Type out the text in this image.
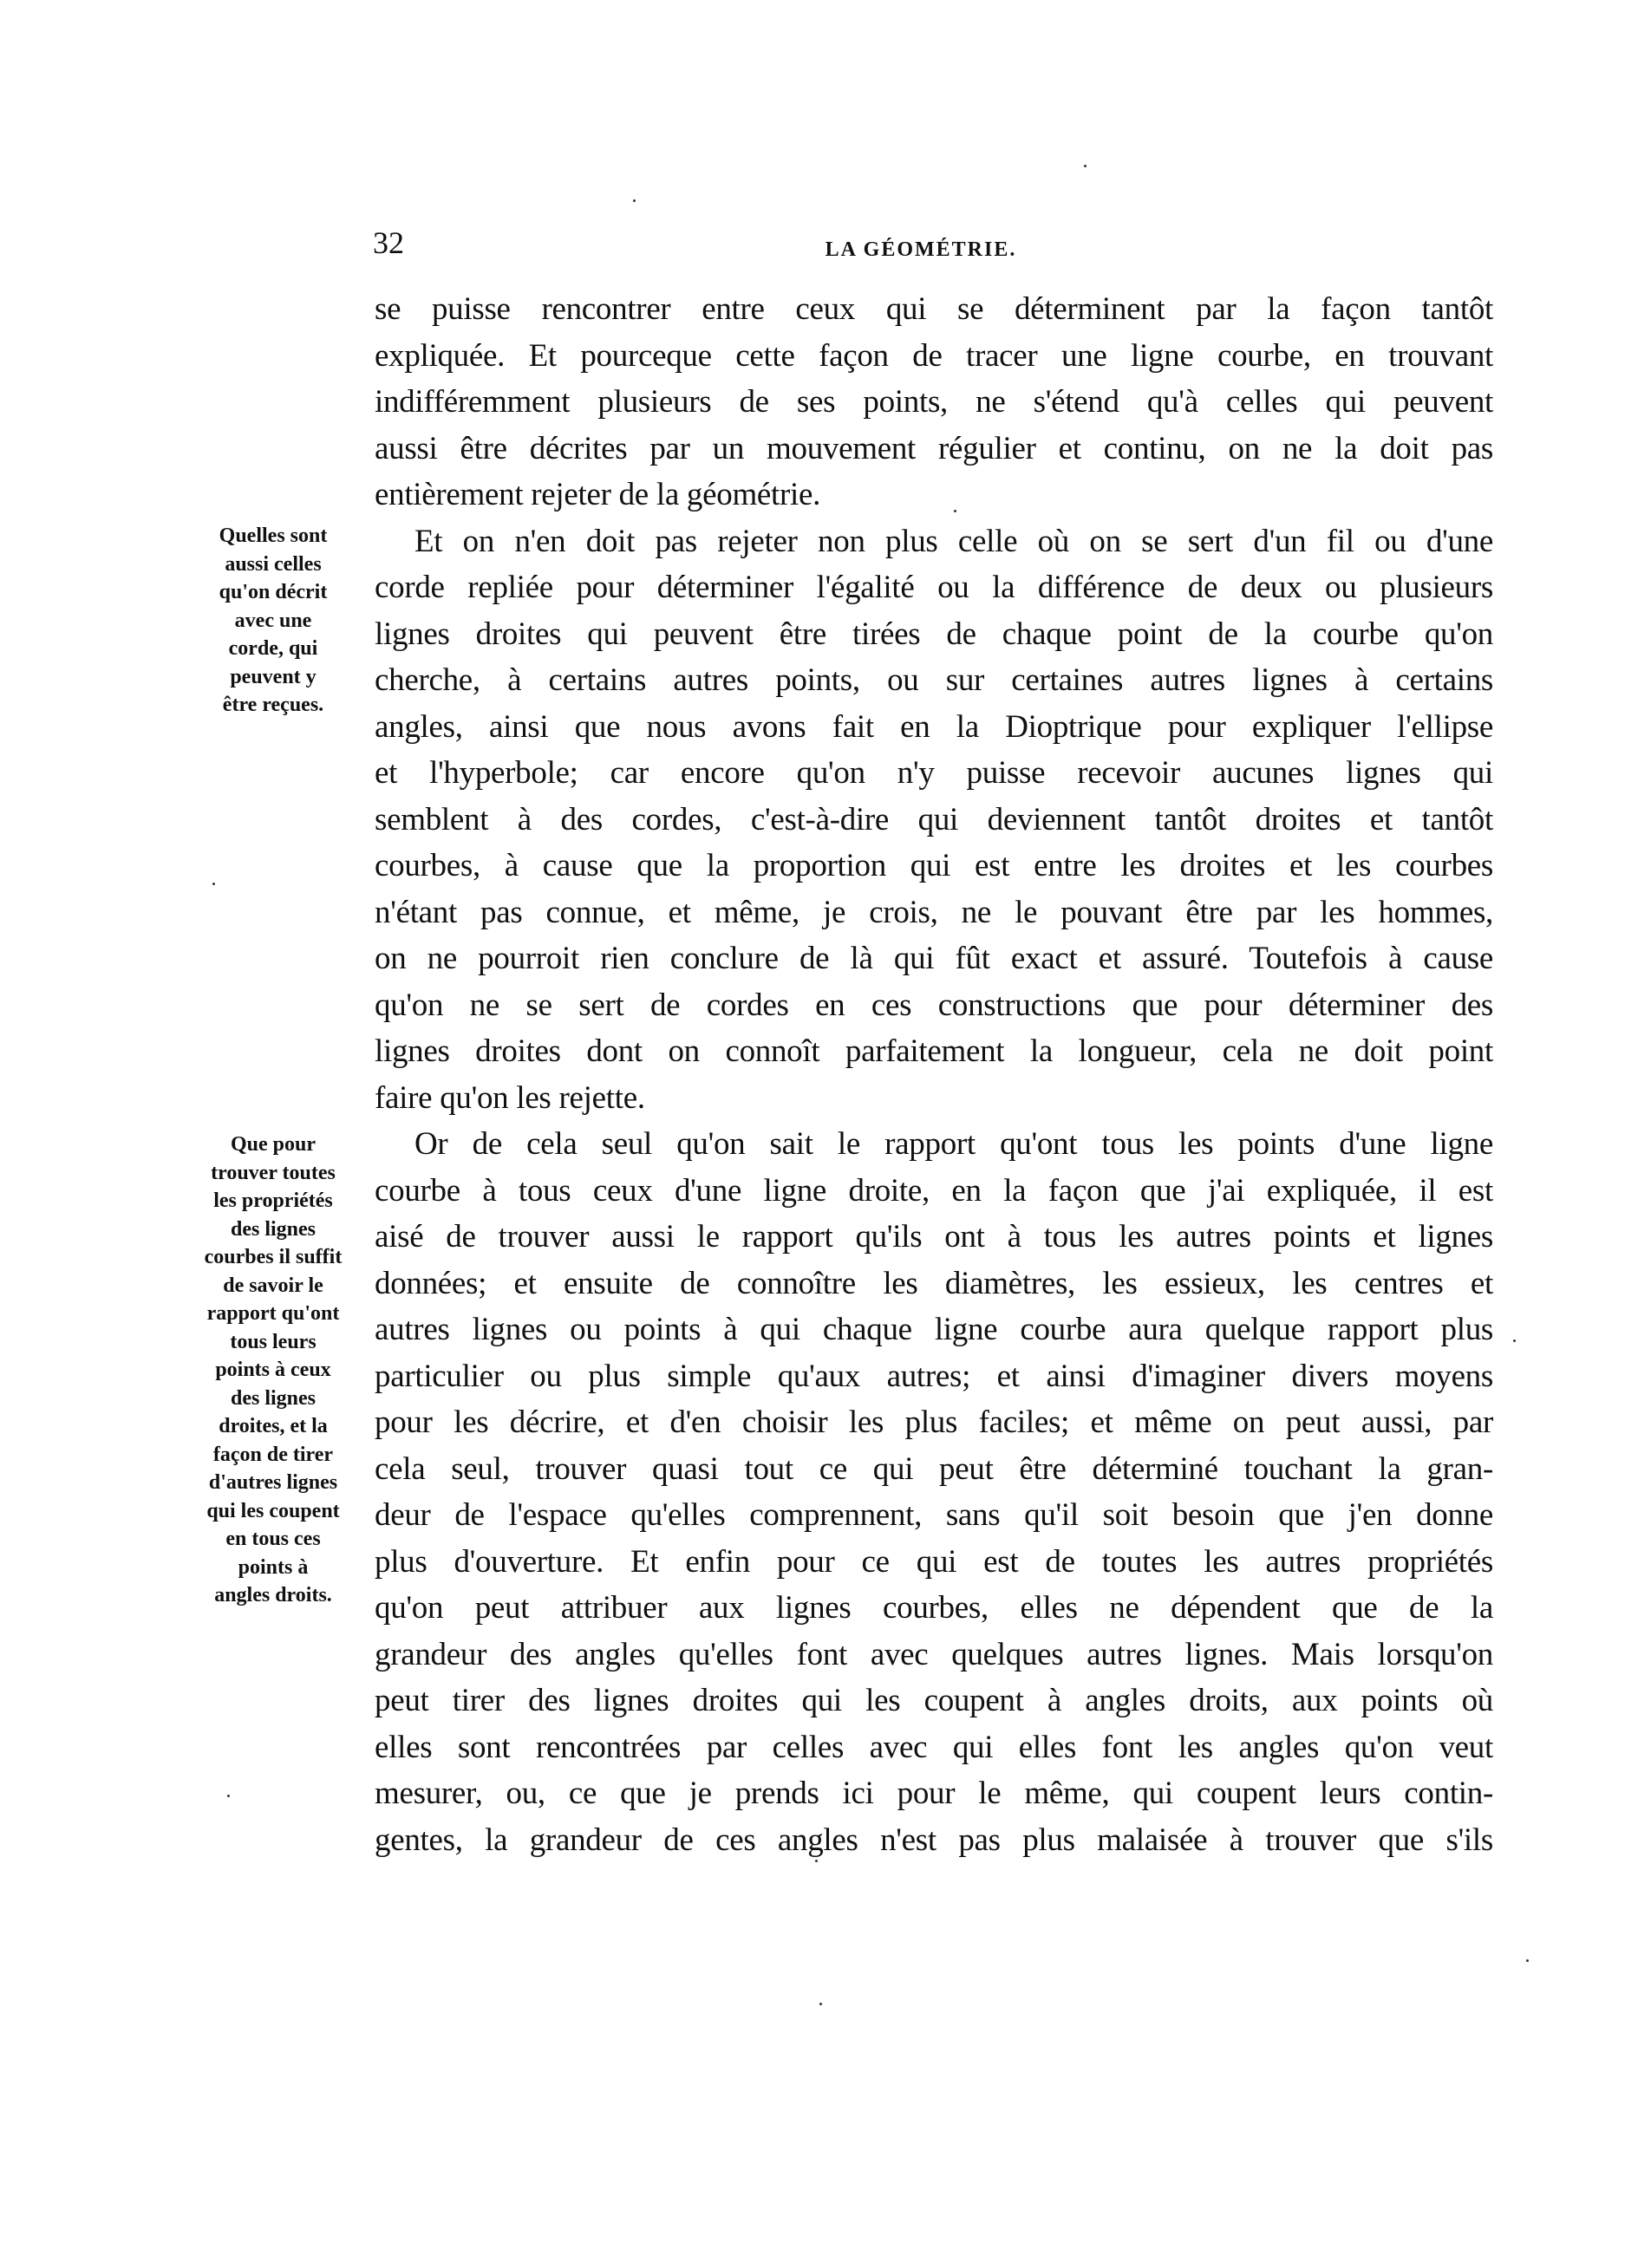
32	LA GÉOMÉTRIE.
Quelles sont
aussi celles
qu'on décrit
avec une
corde, qui
peuvent y
être reçues.
Que pour
trouver toutes
les propriétés
des lignes
courbes il suffit
de savoir le
rapport qu'ont
tous leurs
points à ceux
des lignes
droites, et la
façon de tirer
d'autres lignes
qui les coupent
en tous ces
points à
angles droits.
se puisse rencontrer entre ceux qui se déterminent par la façon tantôt
expliquée. Et pourceque cette façon de tracer une ligne courbe, en trouvant
indifféremment plusieurs de ses points, ne s'étend qu'à celles qui peuvent
aussi être décrites par un mouvement régulier et continu, on ne la doit pas
entièrement rejeter de la géométrie.
Et on n'en doit pas rejeter non plus celle où on se sert d'un fil ou d'une
corde repliée pour déterminer l'égalité ou la différence de deux ou plusieurs
lignes droites qui peuvent être tirées de chaque point de la courbe qu'on
cherche, à certains autres points, ou sur certaines autres lignes à certains
angles, ainsi que nous avons fait en la Dioptrique pour expliquer l'ellipse
et l'hyperbole; car encore qu'on n'y puisse recevoir aucunes lignes qui
semblent à des cordes, c'est-à-dire qui deviennent tantôt droites et tantôt
courbes, à cause que la proportion qui est entre les droites et les courbes
n'étant pas connue, et même, je crois, ne le pouvant être par les hommes,
on ne pourroit rien conclure de là qui fût exact et assuré. Toutefois à cause
qu'on ne se sert de cordes en ces constructions que pour déterminer des
lignes droites dont on connoît parfaitement la longueur, cela ne doit point
faire qu'on les rejette.
Or de cela seul qu'on sait le rapport qu'ont tous les points d'une ligne
courbe à tous ceux d'une ligne droite, en la façon que j'ai expliquée, il est
aisé de trouver aussi le rapport qu'ils ont à tous les autres points et lignes
données; et ensuite de connoître les diamètres, les essieux, les centres et
autres lignes ou points à qui chaque ligne courbe aura quelque rapport plus
particulier ou plus simple qu'aux autres; et ainsi d'imaginer divers moyens
pour les décrire, et d'en choisir les plus faciles; et même on peut aussi, par
cela seul, trouver quasi tout ce qui peut être déterminé touchant la gran-
deur de l'espace qu'elles comprennent, sans qu'il soit besoin que j'en donne
plus d'ouverture. Et enfin pour ce qui est de toutes les autres propriétés
qu'on peut attribuer aux lignes courbes, elles ne dépendent que de la
grandeur des angles qu'elles font avec quelques autres lignes. Mais lorsqu'on
peut tirer des lignes droites qui les coupent à angles droits, aux points où
elles sont rencontrées par celles avec qui elles font les angles qu'on veut
mesurer, ou, ce que je prends ici pour le même, qui coupent leurs contin-
gentes, la grandeur de ces angles n'est pas plus malaisée à trouver que s'ils
